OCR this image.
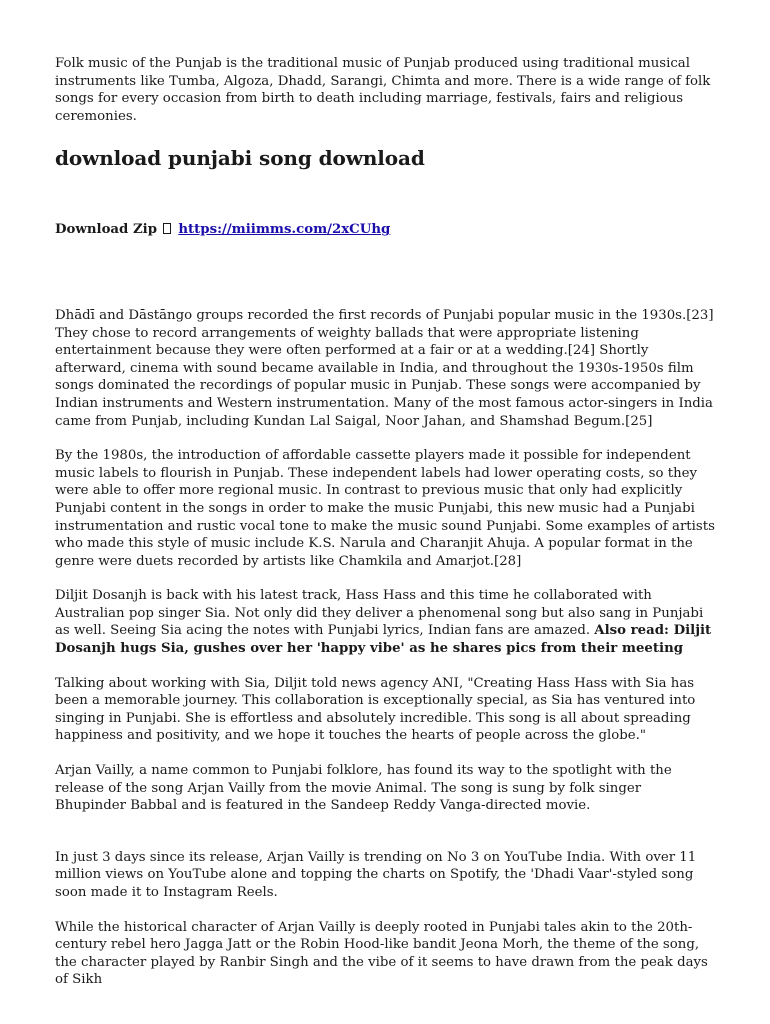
Folk music of the Punjab is the traditional music of Punjab produced using traditional musical instruments like Tumba, Algoza, Dhadd, Sarangi, Chimta and more. There is a wide range of folk songs for every occasion from birth to death including marriage, festivals, fairs and religious ceremonies.

download punjabi song download
Download Zip https://miimms.com/2xCUhg

Dhādī and Dāstāngo groups recorded the first records of Punjabi popular music in the 1930s.[23] They chose to record arrangements of weighty ballads that were appropriate listening entertainment because they were often performed at a fair or at a wedding.[24] Shortly afterward, cinema with sound became available in India, and throughout the 1930s-1950s film songs dominated the recordings of popular music in Punjab. These songs were accompanied by Indian instruments and Western instrumentation. Many of the most famous actor-singers in India came from Punjab, including Kundan Lal Saigal, Noor Jahan, and Shamshad Begum.[25]

By the 1980s, the introduction of affordable cassette players made it possible for independent music labels to flourish in Punjab. These independent labels had lower operating costs, so they were able to offer more regional music. In contrast to previous music that only had explicitly Punjabi content in the songs in order to make the music Punjabi, this new music had a Punjabi instrumentation and rustic vocal tone to make the music sound Punjabi. Some examples of artists who made this style of music include K.S. Narula and Charanjit Ahuja. A popular format in the genre were duets recorded by artists like Chamkila and Amarjot.[28]

Diljit Dosanjh is back with his latest track, Hass Hass and this time he collaborated with Australian pop singer Sia. Not only did they deliver a phenomenal song but also sang in Punjabi as well. Seeing Sia acing the notes with Punjabi lyrics, Indian fans are amazed. Also read: Diljit Dosanjh hugs Sia, gushes over her 'happy vibe' as he shares pics from their meeting

Talking about working with Sia, Diljit told news agency ANI, "Creating Hass Hass with Sia has been a memorable journey. This collaboration is exceptionally special, as Sia has ventured into singing in Punjabi. She is effortless and absolutely incredible. This song is all about spreading happiness and positivity, and we hope it touches the hearts of people across the globe."

Arjan Vailly, a name common to Punjabi folklore, has found its way to the spotlight with the release of the song Arjan Vailly from the movie Animal. The song is sung by folk singer Bhupinder Babbal and is featured in the Sandeep Reddy Vanga-directed movie.

In just 3 days since its release, Arjan Vailly is trending on No 3 on YouTube India. With over 11 million views on YouTube alone and topping the charts on Spotify, the 'Dhadi Vaar'-styled song soon made it to Instagram Reels.

While the historical character of Arjan Vailly is deeply rooted in Punjabi tales akin to the 20th-century rebel hero Jagga Jatt or the Robin Hood-like bandit Jeona Morh, the theme of the song, the character played by Ranbir Singh and the vibe of it seems to have drawn from the peak days of Sikh
